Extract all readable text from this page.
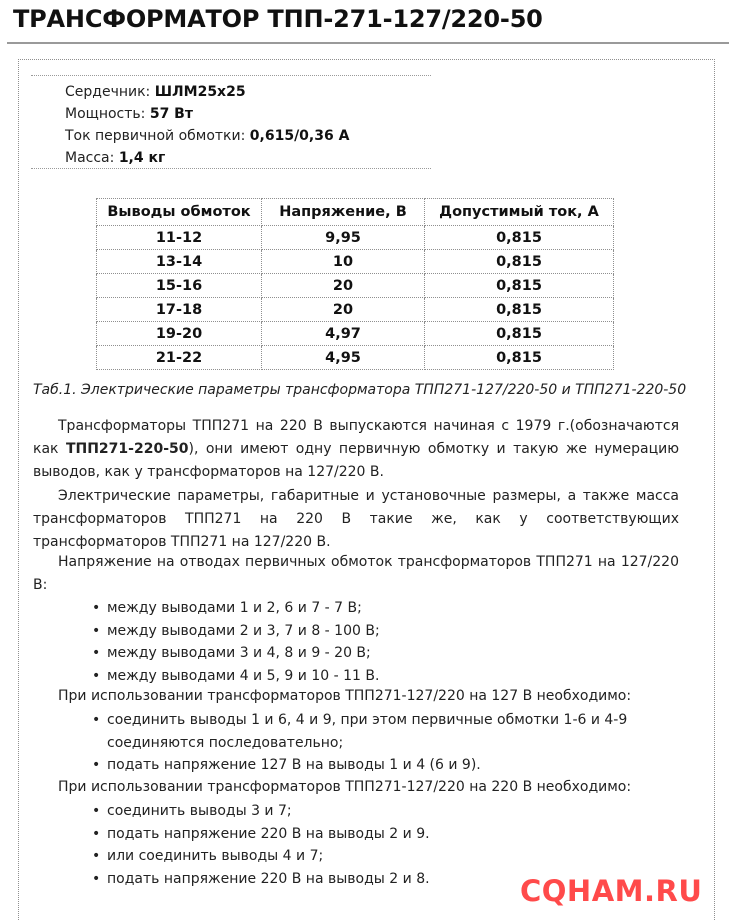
ТРАНСФОРМАТОР ТПП-271-127/220-50
Сердечник: ШЛМ25х25
Мощность: 57 Вт
Ток первичной обмотки: 0,615/0,36 А
Масса: 1,4 кг
Выводы обмоток	Напряжение, В	Допустимый ток, А
11-12	9,95	0,815
13-14	10	0,815
15-16	20	0,815
17-18	20	0,815
19-20	4,97	0,815
21-22	4,95	0,815
Таб.1. Электрические параметры трансформатора ТПП271-127/220-50 и ТПП271-220-50
Трансформаторы ТПП271 на 220 В выпускаются начиная с 1979 г.(обозначаются как ТПП271-220-50), они имеют одну первичную обмотку и такую же нумерацию выводов, как у трансформаторов на 127/220 В.
Электрические параметры, габаритные и установочные размеры, а также масса трансформаторов ТПП271 на 220 В такие же, как у соответствующих трансформаторов ТПП271 на 127/220 В.
Напряжение на отводах первичных обмоток трансформаторов ТПП271 на 127/220 В:
• между выводами 1 и 2, 6 и 7 - 7 В;
• между выводами 2 и 3, 7 и 8 - 100 В;
• между выводами 3 и 4, 8 и 9 - 20 В;
• между выводами 4 и 5, 9 и 10 - 11 В.
При использовании трансформаторов ТПП271-127/220 на 127 В необходимо:
• соединить выводы 1 и 6, 4 и 9, при этом первичные обмотки 1-6 и 4-9 соединяются последовательно;
• подать напряжение 127 В на выводы 1 и 4 (6 и 9).
При использовании трансформаторов ТПП271-127/220 на 220 В необходимо:
• соединить выводы 3 и 7;
• подать напряжение 220 В на выводы 2 и 9.
• или соединить выводы 4 и 7;
• подать напряжение 220 В на выводы 2 и 8.	CQHAM.RU
